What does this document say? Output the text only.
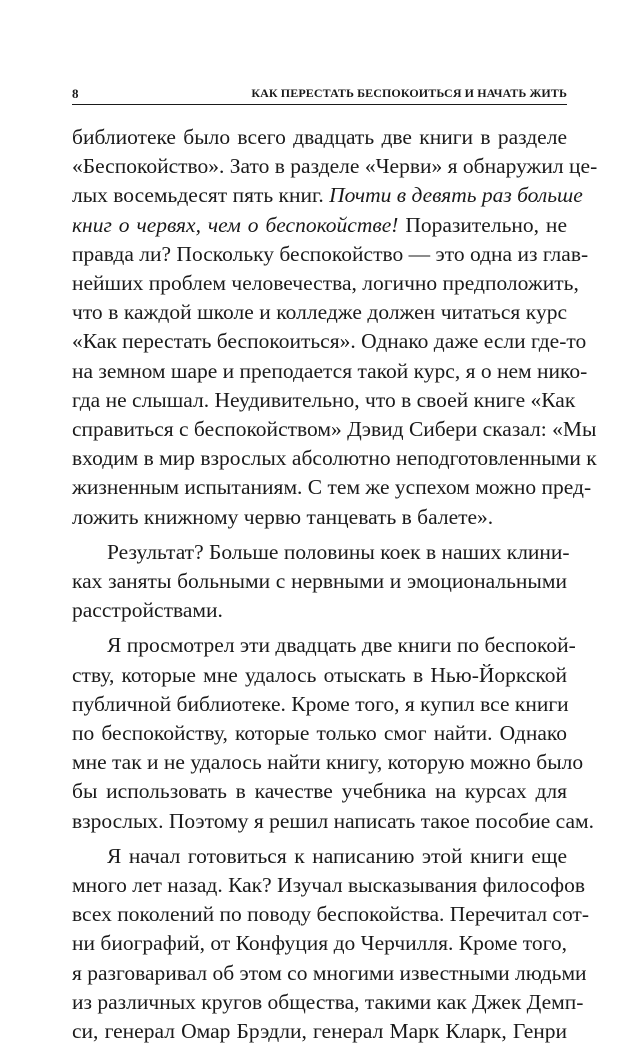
8	КАК ПЕРЕСТАТЬ БЕСПОКОИТЬСЯ И НАЧАТЬ ЖИТЬ

библиотеке было всего двадцать две книги в разделе
«Беспокойство». Зато в разделе «Черви» я обнаружил це-
лых восемьдесят пять книг. Почти в девять раз больше
книг о червях, чем о беспокойстве! Поразительно, не
правда ли? Поскольку беспокойство — это одна из глав-
нейших проблем человечества, логично предположить,
что в каждой школе и колледже должен читаться курс
«Как перестать беспокоиться». Однако даже если где-то
на земном шаре и преподается такой курс, я о нем нико-
гда не слышал. Неудивительно, что в своей книге «Как
справиться с беспокойством» Дэвид Сибери сказал: «Мы
входим в мир взрослых абсолютно неподготовленными к
жизненным испытаниям. С тем же успехом можно пред-
ложить книжному червю танцевать в балете».

Результат? Больше половины коек в наших клини-
ках заняты больными с нервными и эмоциональными
расстройствами.

Я просмотрел эти двадцать две книги по беспокой-
ству, которые мне удалось отыскать в Нью-Йоркской
публичной библиотеке. Кроме того, я купил все книги
по беспокойству, которые только смог найти. Однако
мне так и не удалось найти книгу, которую можно было
бы использовать в качестве учебника на курсах для
взрослых. Поэтому я решил написать такое пособие сам.

Я начал готовиться к написанию этой книги еще
много лет назад. Как? Изучал высказывания философов
всех поколений по поводу беспокойства. Перечитал сот-
ни биографий, от Конфуция до Черчилля. Кроме того,
я разговаривал об этом со многими известными людьми
из различных кругов общества, такими как Джек Демп-
си, генерал Омар Брэдли, генерал Марк Кларк, Генри
